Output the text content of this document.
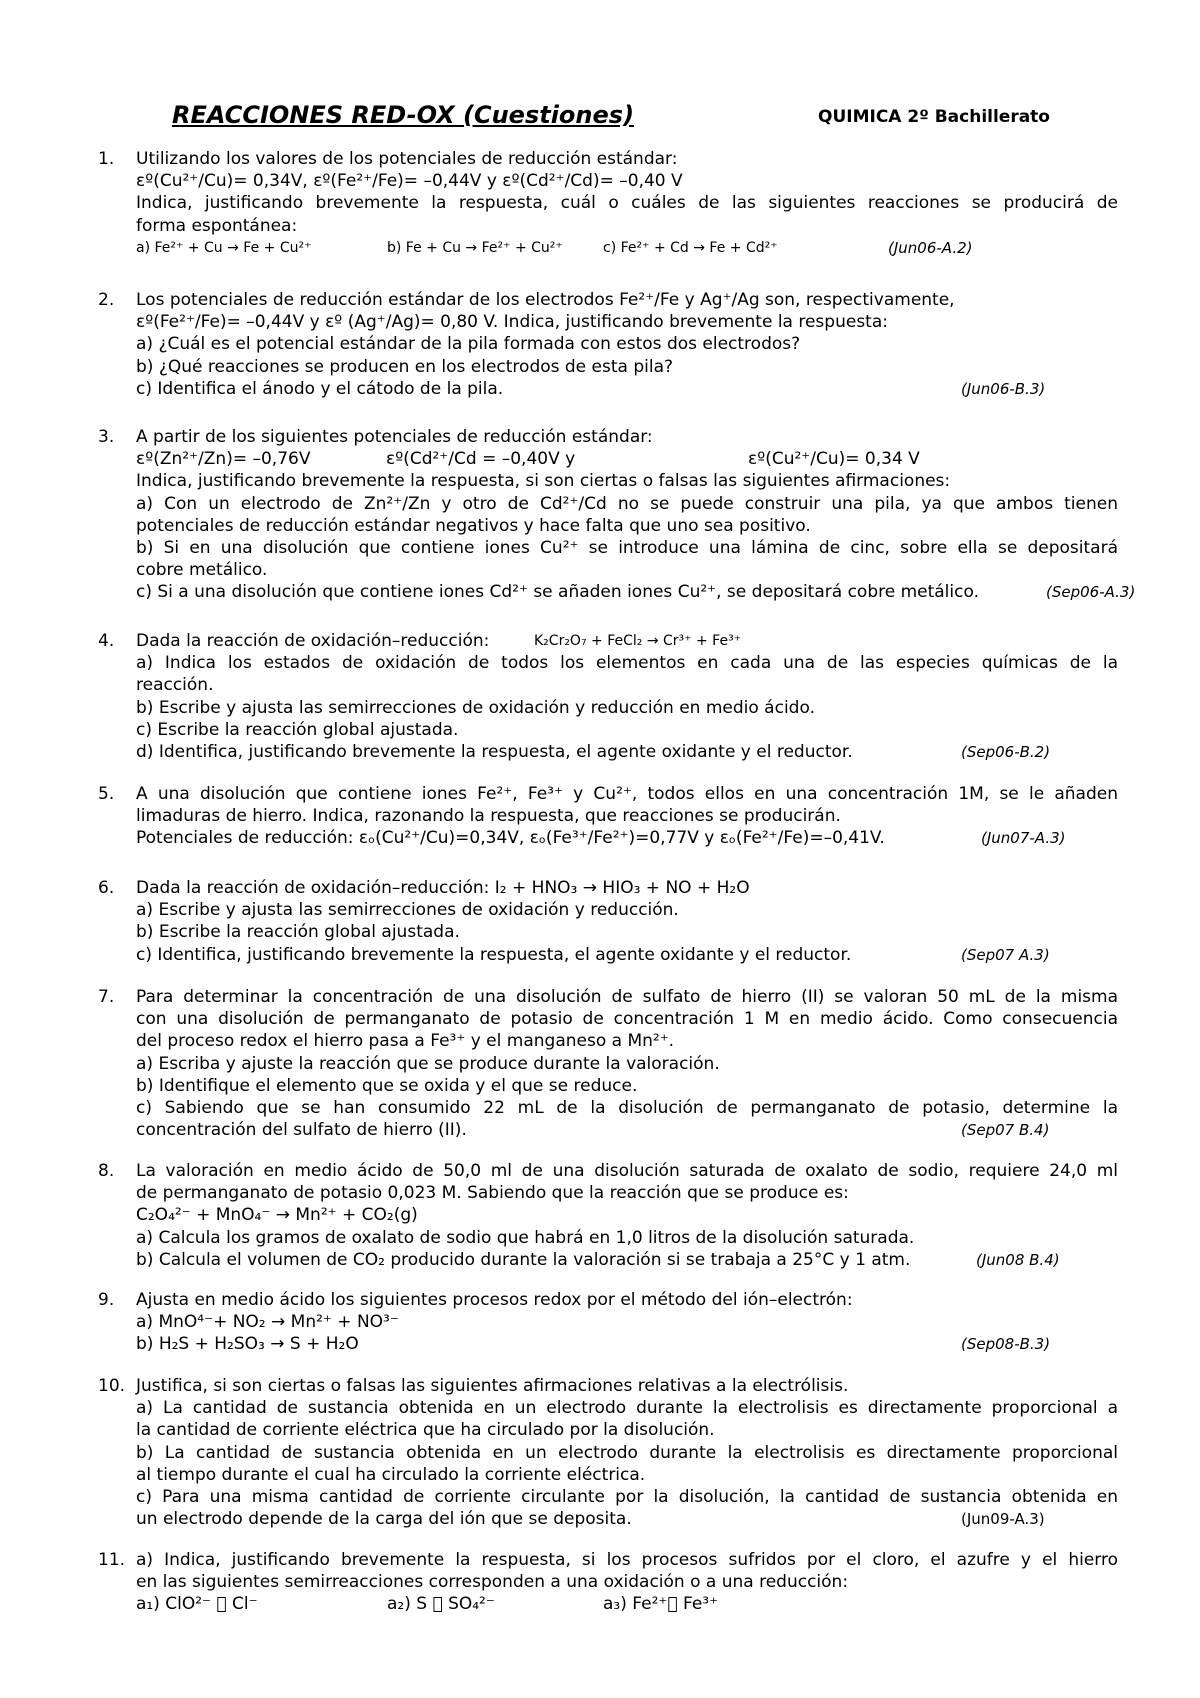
REACCIONES RED-OX (Cuestiones)	QUIMICA 2º Bachillerato
1. Utilizando los valores de los potenciales de reducción estándar:
εº(Cu²⁺/Cu)= 0,34V, εº(Fe²⁺/Fe)= –0,44V y εº(Cd²⁺/Cd)= –0,40 V
Indica, justificando brevemente la respuesta, cuál o cuáles de las siguientes reacciones se producirá de
forma espontánea:
a) Fe²⁺ + Cu → Fe + Cu²⁺	b) Fe + Cu → Fe²⁺ + Cu²⁺	c) Fe²⁺ + Cd → Fe + Cd²⁺	(Jun06-A.2)
2. Los potenciales de reducción estándar de los electrodos Fe²⁺/Fe y Ag⁺/Ag son, respectivamente,
εº(Fe²⁺/Fe)= –0,44V y εº (Ag⁺/Ag)= 0,80 V. Indica, justificando brevemente la respuesta:
a) ¿Cuál es el potencial estándar de la pila formada con estos dos electrodos?
b) ¿Qué reacciones se producen en los electrodos de esta pila?
c) Identifica el ánodo y el cátodo de la pila.	(Jun06-B.3)
3. A partir de los siguientes potenciales de reducción estándar:
εº(Zn²⁺/Zn)= –0,76V	εº(Cd²⁺/Cd = –0,40V y	εº(Cu²⁺/Cu)= 0,34 V
Indica, justificando brevemente la respuesta, si son ciertas o falsas las siguientes afirmaciones:
a) Con un electrodo de Zn²⁺/Zn y otro de Cd²⁺/Cd no se puede construir una pila, ya que ambos tienen
potenciales de reducción estándar negativos y hace falta que uno sea positivo.
b) Si en una disolución que contiene iones Cu²⁺ se introduce una lámina de cinc, sobre ella se depositará
cobre metálico.
c) Si a una disolución que contiene iones Cd²⁺ se añaden iones Cu²⁺, se depositará cobre metálico.	(Sep06-A.3)
4. Dada la reacción de oxidación–reducción:	K₂Cr₂O₇ + FeCl₂ → Cr³⁺ + Fe³⁺
a) Indica los estados de oxidación de todos los elementos en cada una de las especies químicas de la
reacción.
b) Escribe y ajusta las semirrecciones de oxidación y reducción en medio ácido.
c) Escribe la reacción global ajustada.
d) Identifica, justificando brevemente la respuesta, el agente oxidante y el reductor.	(Sep06-B.2)
5. A una disolución que contiene iones Fe²⁺, Fe³⁺ y Cu²⁺, todos ellos en una concentración 1M, se le añaden
limaduras de hierro. Indica, razonando la respuesta, que reacciones se producirán.
Potenciales de reducción: εₒ(Cu²⁺/Cu)=0,34V, εₒ(Fe³⁺/Fe²⁺)=0,77V y εₒ(Fe²⁺/Fe)=–0,41V.	(Jun07-A.3)
6. Dada la reacción de oxidación–reducción: I₂ + HNO₃ → HIO₃ + NO + H₂O
a) Escribe y ajusta las semirrecciones de oxidación y reducción.
b) Escribe la reacción global ajustada.
c) Identifica, justificando brevemente la respuesta, el agente oxidante y el reductor.	(Sep07 A.3)
7. Para determinar la concentración de una disolución de sulfato de hierro (II) se valoran 50 mL de la misma
con una disolución de permanganato de potasio de concentración 1 M en medio ácido. Como consecuencia
del proceso redox el hierro pasa a Fe³⁺ y el manganeso a Mn²⁺.
a) Escriba y ajuste la reacción que se produce durante la valoración.
b) Identifique el elemento que se oxida y el que se reduce.
c) Sabiendo que se han consumido 22 mL de la disolución de permanganato de potasio, determine la
concentración del sulfato de hierro (II).	(Sep07 B.4)
8. La valoración en medio ácido de 50,0 ml de una disolución saturada de oxalato de sodio, requiere 24,0 ml
de permanganato de potasio 0,023 M. Sabiendo que la reacción que se produce es:
C₂O₄²⁻ + MnO₄⁻ → Mn²⁺ + CO₂(g)
a) Calcula los gramos de oxalato de sodio que habrá en 1,0 litros de la disolución saturada.
b) Calcula el volumen de CO₂ producido durante la valoración si se trabaja a 25°C y 1 atm.	(Jun08 B.4)
9. Ajusta en medio ácido los siguientes procesos redox por el método del ión–electrón:
a) MnO⁴⁻+ NO₂ → Mn²⁺ + NO³⁻
b) H₂S + H₂SO₃ → S + H₂O	(Sep08-B.3)
10. Justifica, si son ciertas o falsas las siguientes afirmaciones relativas a la electrólisis.
a) La cantidad de sustancia obtenida en un electrodo durante la electrolisis es directamente proporcional a
la cantidad de corriente eléctrica que ha circulado por la disolución.
b) La cantidad de sustancia obtenida en un electrodo durante la electrolisis es directamente proporcional
al tiempo durante el cual ha circulado la corriente eléctrica.
c) Para una misma cantidad de corriente circulante por la disolución, la cantidad de sustancia obtenida en
un electrodo depende de la carga del ión que se deposita.	(Jun09-A.3)
11. a) Indica, justificando brevemente la respuesta, si los procesos sufridos por el cloro, el azufre y el hierro
en las siguientes semirreacciones corresponden a una oxidación o a una reducción:
a₁) ClO²⁻ ⃞ Cl⁻	a₂) S ⃞ SO₄²⁻	a₃) Fe²⁺⃞ Fe³⁺
